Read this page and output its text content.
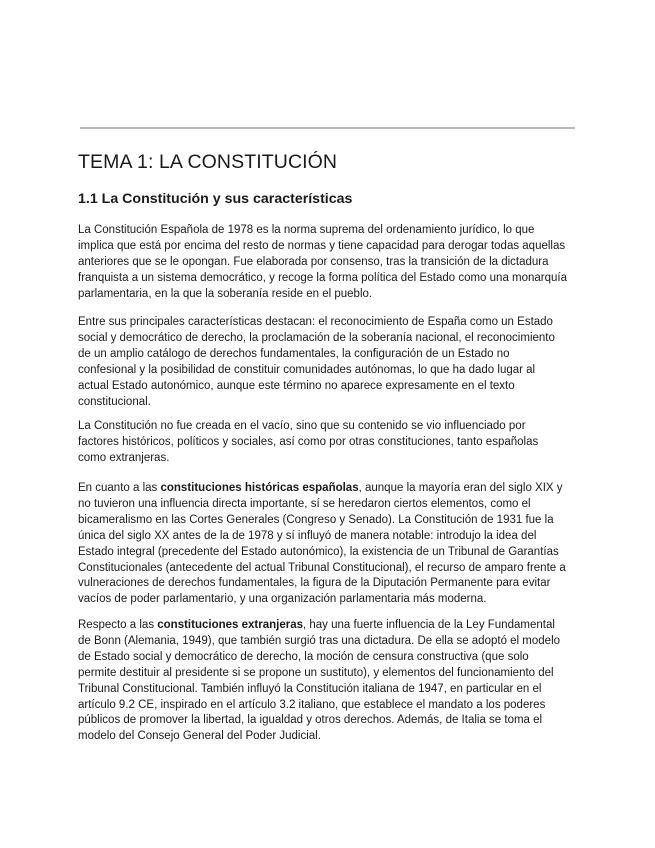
TEMA 1: LA CONSTITUCIÓN
1.1 La Constitución y sus características

La Constitución Española de 1978 es la norma suprema del ordenamiento jurídico, lo que
implica que está por encima del resto de normas y tiene capacidad para derogar todas aquellas
anteriores que se le opongan. Fue elaborada por consenso, tras la transición de la dictadura
franquista a un sistema democrático, y recoge la forma política del Estado como una monarquía
parlamentaria, en la que la soberanía reside en el pueblo.

Entre sus principales características destacan: el reconocimiento de España como un Estado
social y democrático de derecho, la proclamación de la soberanía nacional, el reconocimiento
de un amplio catálogo de derechos fundamentales, la configuración de un Estado no
confesional y la posibilidad de constituir comunidades autónomas, lo que ha dado lugar al
actual Estado autonómico, aunque este término no aparece expresamente en el texto
constitucional.

La Constitución no fue creada en el vacío, sino que su contenido se vio influenciado por
factores históricos, políticos y sociales, así como por otras constituciones, tanto españolas
como extranjeras.

En cuanto a las constituciones históricas españolas, aunque la mayoría eran del siglo XIX y
no tuvieron una influencia directa importante, sí se heredaron ciertos elementos, como el
bicameralismo en las Cortes Generales (Congreso y Senado). La Constitución de 1931 fue la
única del siglo XX antes de la de 1978 y sí influyó de manera notable: introdujo la idea del
Estado integral (precedente del Estado autonómico), la existencia de un Tribunal de Garantías
Constitucionales (antecedente del actual Tribunal Constitucional), el recurso de amparo frente a
vulneraciones de derechos fundamentales, la figura de la Diputación Permanente para evitar
vacíos de poder parlamentario, y una organización parlamentaria más moderna.

Respecto a las constituciones extranjeras, hay una fuerte influencia de la Ley Fundamental
de Bonn (Alemania, 1949), que también surgió tras una dictadura. De ella se adoptó el modelo
de Estado social y democrático de derecho, la moción de censura constructiva (que solo
permite destituir al presidente si se propone un sustituto), y elementos del funcionamiento del
Tribunal Constitucional. También influyó la Constitución italiana de 1947, en particular en el
artículo 9.2 CE, inspirado en el artículo 3.2 italiano, que establece el mandato a los poderes
públicos de promover la libertad, la igualdad y otros derechos. Además, de Italia se toma el
modelo del Consejo General del Poder Judicial.
